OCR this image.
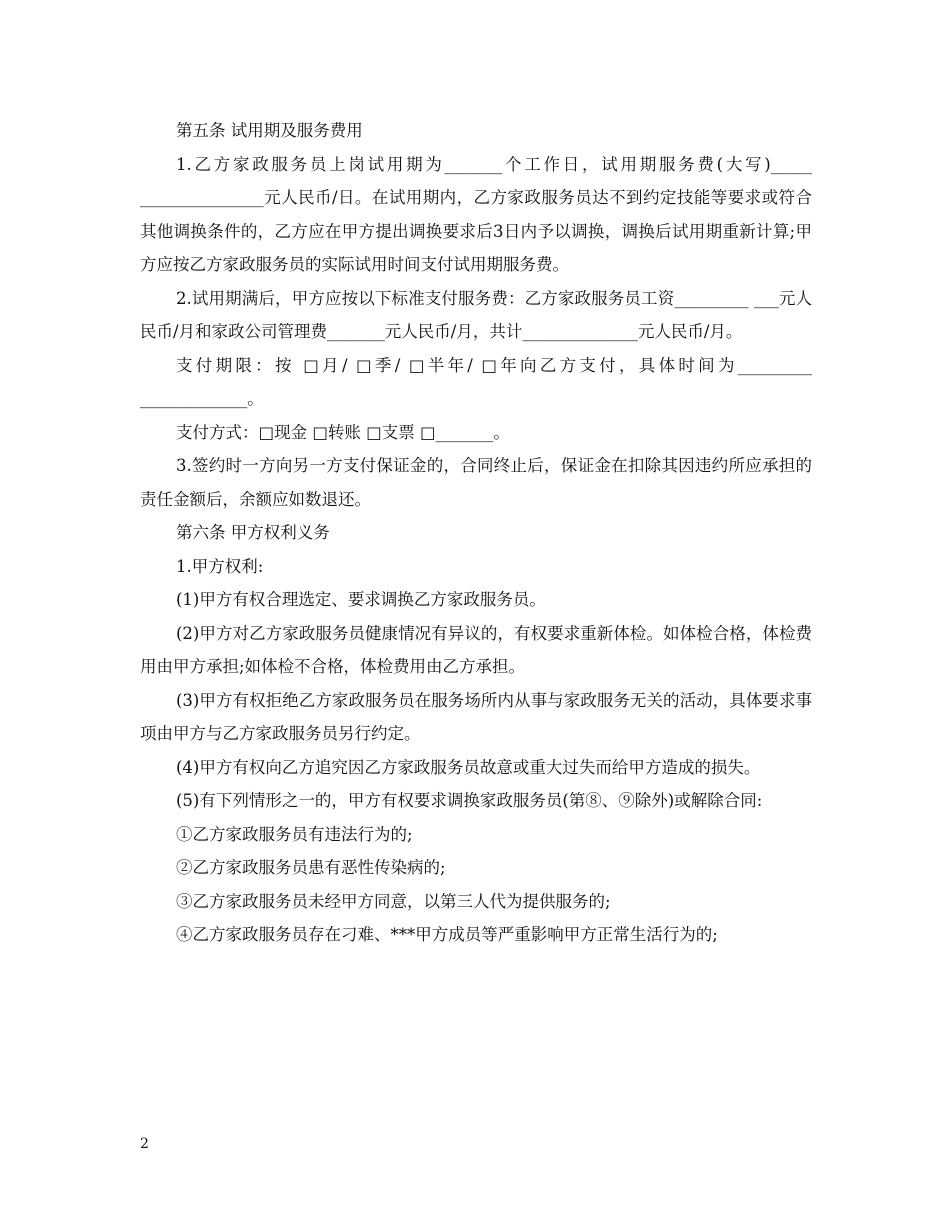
第五条 试用期及服务费用

1.乙方家政服务员上岗试用期为_______个工作日，试用期服务费(大写)_____ _______________元人民币/日。在试用期内，乙方家政服务员达不到约定技能等要求或符合其他调换条件的，乙方应在甲方提出调换要求后3日内予以调换，调换后试用期重新计算;甲方应按乙方家政服务员的实际试用时间支付试用期服务费。

2.试用期满后，甲方应按以下标准支付服务费：乙方家政服务员工资_________ ___元人民币/月和家政公司管理费_______元人民币/月，共计______________元人民币/月。

支付期限：按 □月/ □季/ □半年/ □年向乙方支付，具体时间为_________ _____________。

支付方式：□现金 □转账 □支票 □_______。

3.签约时一方向另一方支付保证金的，合同终止后，保证金在扣除其因违约所应承担的责任金额后，余额应如数退还。

第六条 甲方权利义务

1.甲方权利:

(1)甲方有权合理选定、要求调换乙方家政服务员。

(2)甲方对乙方家政服务员健康情况有异议的，有权要求重新体检。如体检合格，体检费用由甲方承担;如体检不合格，体检费用由乙方承担。

(3)甲方有权拒绝乙方家政服务员在服务场所内从事与家政服务无关的活动，具体要求事项由甲方与乙方家政服务员另行约定。

(4)甲方有权向乙方追究因乙方家政服务员故意或重大过失而给甲方造成的损失。

(5)有下列情形之一的，甲方有权要求调换家政服务员(第⑧、⑨除外)或解除合同:

①乙方家政服务员有违法行为的;

②乙方家政服务员患有恶性传染病的;

③乙方家政服务员未经甲方同意，以第三人代为提供服务的;

④乙方家政服务员存在刁难、***甲方成员等严重影响甲方正常生活行为的;

2
